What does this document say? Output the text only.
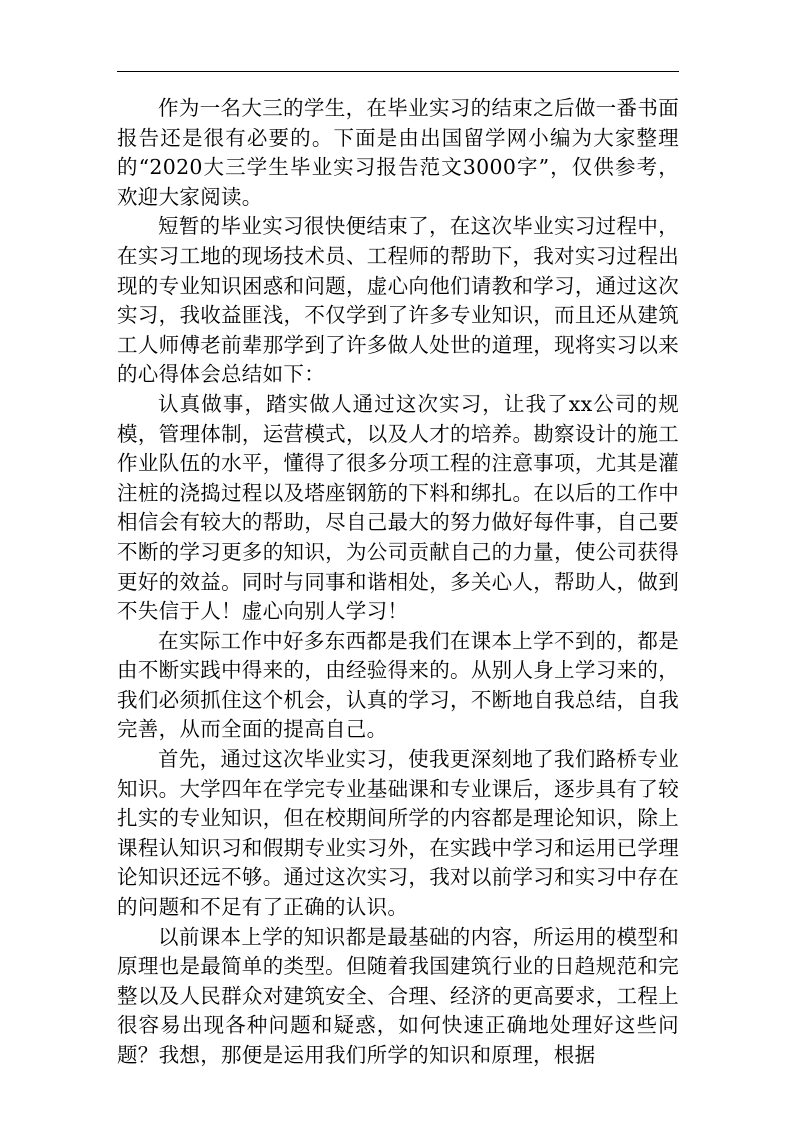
作为一名大三的学生，在毕业实习的结束之后做一番书面报告还是很有必要的。下面是由出国留学网小编为大家整理的“2020大三学生毕业实习报告范文3000字”，仅供参考，欢迎大家阅读。

短暂的毕业实习很快便结束了，在这次毕业实习过程中，在实习工地的现场技术员、工程师的帮助下，我对实习过程出现的专业知识困惑和问题，虚心向他们请教和学习，通过这次实习，我收益匪浅，不仅学到了许多专业知识，而且还从建筑工人师傅老前辈那学到了许多做人处世的道理，现将实习以来的心得体会总结如下：

认真做事，踏实做人通过这次实习，让我了xx公司的规模，管理体制，运营模式，以及人才的培养。勘察设计的施工作业队伍的水平，懂得了很多分项工程的注意事项，尤其是灌注桩的浇捣过程以及塔座钢筋的下料和绑扎。在以后的工作中相信会有较大的帮助，尽自己最大的努力做好每件事，自己要不断的学习更多的知识，为公司贡献自己的力量，使公司获得更好的效益。同时与同事和谐相处，多关心人，帮助人，做到不失信于人！虚心向别人学习！

在实际工作中好多东西都是我们在课本上学不到的，都是由不断实践中得来的，由经验得来的。从别人身上学习来的，我们必须抓住这个机会，认真的学习，不断地自我总结，自我完善，从而全面的提高自己。

首先，通过这次毕业实习，使我更深刻地了我们路桥专业知识。大学四年在学完专业基础课和专业课后，逐步具有了较扎实的专业知识，但在校期间所学的内容都是理论知识，除上课程认知识习和假期专业实习外，在实践中学习和运用已学理论知识还远不够。通过这次实习，我对以前学习和实习中存在的问题和不足有了正确的认识。

以前课本上学的知识都是最基础的内容，所运用的模型和原理也是最简单的类型。但随着我国建筑行业的日趋规范和完整以及人民群众对建筑安全、合理、经济的更高要求，工程上很容易出现各种问题和疑惑，如何快速正确地处理好这些问题？我想，那便是运用我们所学的知识和原理，根据
